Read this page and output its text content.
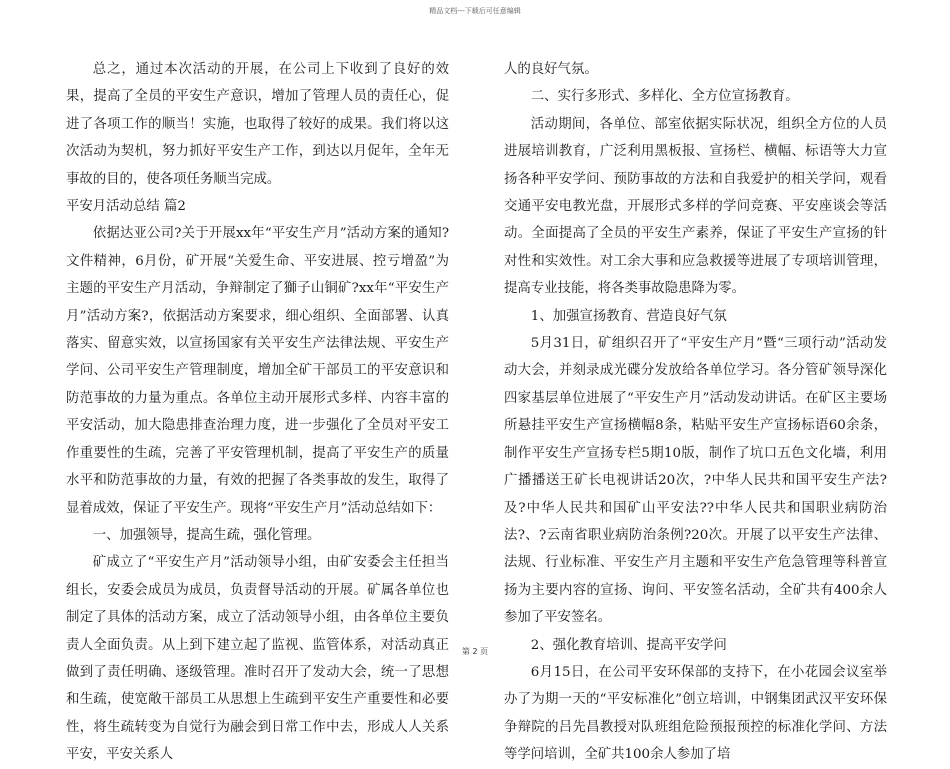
精品文档---下载后可任意编辑

总之，通过本次活动的开展，在公司上下收到了良好的效果，提高了全员的平安生产意识，增加了管理人员的责任心，促进了各项工作的顺当！实施，也取得了较好的成果。我们将以这次活动为契机，努力抓好平安生产工作，到达以月促年，全年无事故的目的，使各项任务顺当完成。

平安月活动总结 篇2

依据达亚公司?关于开展xx年“平安生产月”活动方案的通知?文件精神，6月份，矿开展“关爱生命、平安进展、控亏增盈”为主题的平安生产月活动，争辩制定了獅子山铜矿?xx年“平安生产月”活动方案?，依据活动方案要求，细心组织、全面部署、认真落实、留意实效，以宣扬国家有关平安生产法律法规、平安生产学问、公司平安生产管理制度，增加全矿干部员工的平安意识和防范事故的力量为重点。各单位主动开展形式多样、内容丰富的平安活动，加大隐患排查治理力度，进一步强化了全员对平安工作重要性的生疏，完善了平安管理机制，提高了平安生产的质量水平和防范事故的力量，有效的把握了各类事故的发生，取得了显着成效，保证了平安生产。现将“平安生产月”活动总结如下：

一、加强领导，提高生疏，强化管理。

矿成立了“平安生产月”活动领导小组，由矿安委会主任担当组长，安委会成员为成员，负责督导活动的开展。矿属各单位也制定了具体的活动方案，成立了活动领导小组，由各单位主要负责人全面负责。从上到下建立起了监视、监管体系，对活动真正做到了责任明确、逐级管理。准时召开了发动大会，统一了思想和生疏，使宽敞干部员工从思想上生疏到平安生产重要性和必要性，将生疏转变为自觉行为融会到日常工作中去，形成人人关系平安，平安关系人

人的良好气氛。

二、实行多形式、多样化、全方位宣扬教育。

活动期间，各单位、部室依据实际状况，组织全方位的人员进展培训教育，广泛利用黑板报、宣扬栏、横幅、标语等大力宣扬各种平安学问、预防事故的方法和自我爱护的相关学问，观看交通平安电教光盘，开展形式多样的学问竞赛、平安座谈会等活动。全面提高了全员的平安生产素养，保证了平安生产宣扬的针对性和实效性。对工余大事和应急救援等进展了专项培训管理，提高专业技能，将各类事故隐患降为零。

1、加强宣扬教育、营造良好气氛

5月31日，矿组织召开了“平安生产月”暨“三项行动”活动发动大会，并刻录成光碟分发放给各单位学习。各分管矿领导深化四家基层单位进展了“平安生产月”活动发动讲话。在矿区主要场所悬挂平安生产宣扬横幅8条，粘贴平安生产宣扬标语60余条，制作平安生产宣扬专栏5期10版，制作了坑口五色文化墙，利用广播播送王矿长电视讲话20次，?中华人民共和国平安生产法?及?中华人民共和国矿山平安法??中华人民共和国职业病防治法?、?云南省职业病防治条例?20次。开展了以平安生产法律、法规、行业标准、平安生产月主题和平安生产危急管理等科普宣扬为主要内容的宣扬、询问、平安签名活动，全矿共有400余人参加了平安签名。

2、强化教育培训、提高平安学问

6月15日，在公司平安环保部的支持下，在小花园会议室举办了为期一天的“平安标准化”创立培训，中钢集团武汉平安环保争辩院的吕先昌教授对队班组危险预报预控的标准化学问、方法等学问培训，全矿共100余人参加了培

第 2 页
